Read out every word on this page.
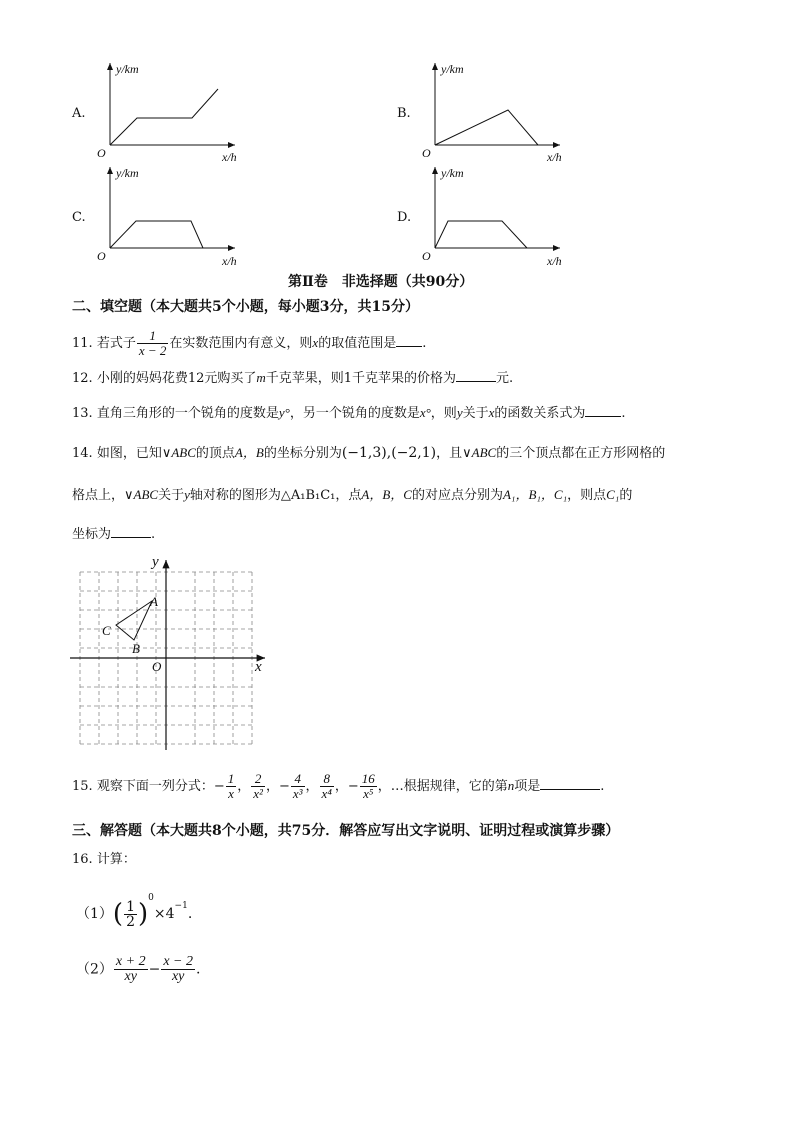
y/km
x/h
O
A.
y/km
x/h
O
B.
y/km
x/h
O
C.
y/km
x/h
O
D.
第Ⅱ卷　非选择题（共90分）
二、填空题（本大题共5个小题，每小题3分，共15分）
11. 若式子 $\frac{1}{x - 2}$ 在实数范围内有意义，则x的取值范围是 .
12. 小刚的妈妈花费12元购买了m千克苹果，则1千克苹果的价格为	元.
13. 直角三角形的一个锐角的度数是y°，另一个锐角的度数是x°，则y关于x的函数关系式为	.
14. 如图，已知∨ABC的顶点A，B的坐标分别为(−1,3),(−2,1)，且∨ABC的三个顶点都在正方形网格的
格点上，∨ABC关于y轴对称的图形为△A₁B₁C₁，点A，B，C的对应点分别为A₁，B₁，C₁，则点C₁的
坐标为	.
y
x
O
A
B
C
15. 观察下面一列分式：− $\frac{1}{x}$ ， $\frac{2}{\text{x²}}$ ，− $\frac{4}{\text{x³}}$ ， $\frac{8}{\text{x⁴}}$ ，− $\frac{16}{\text{x⁵}}$ ，…根据规律，它的第n项是	.
三、解答题（本大题共8个小题，共75分．解答应写出文字说明、证明过程或演算步骤）
16. 计算：
$(1)( \frac{1}{2} )^0\times 4^{-1}$.
$(2) \frac{x + 2}{xy} - \frac{x - 2}{xy}$ .
